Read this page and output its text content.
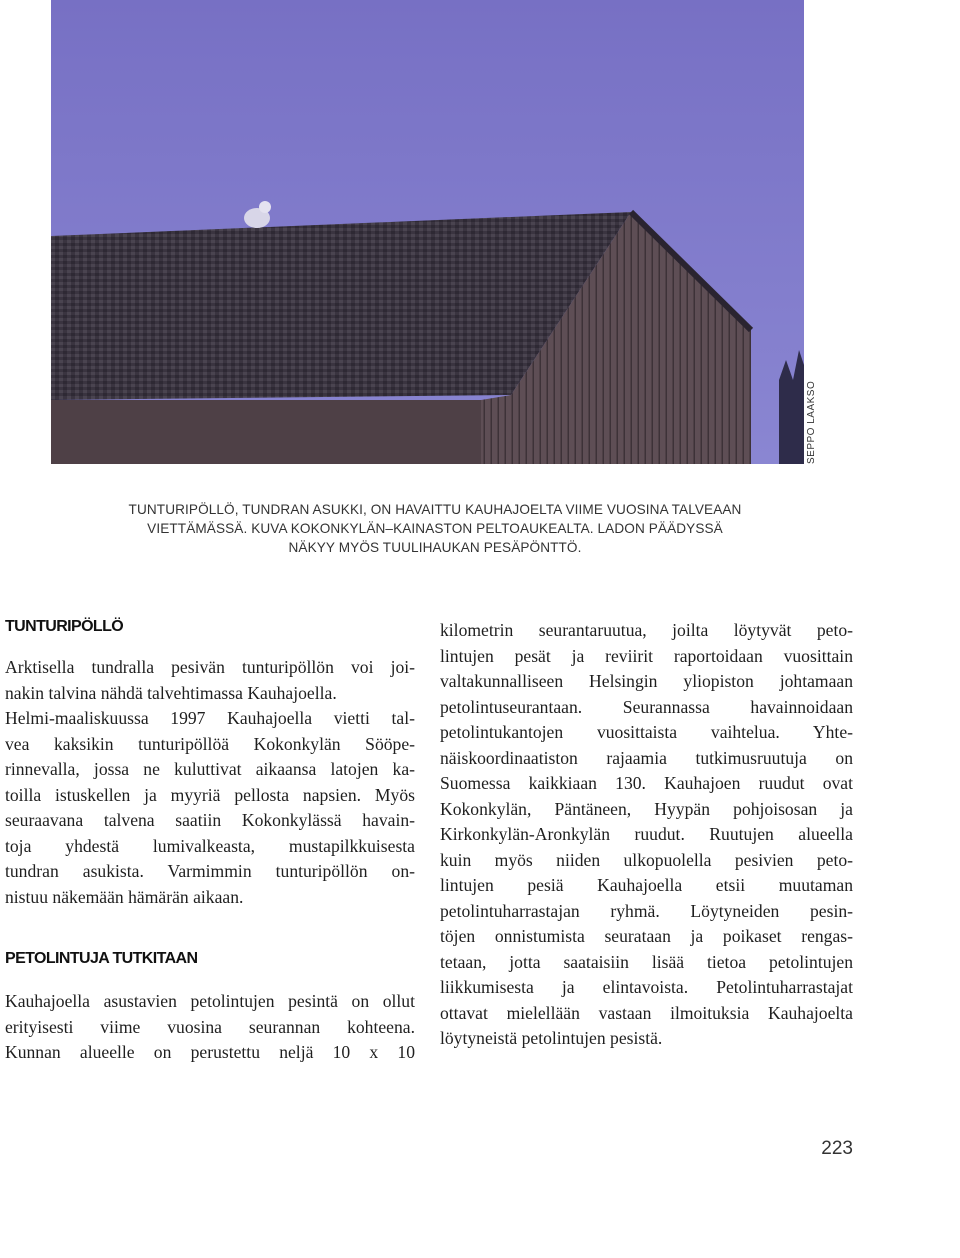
SEPPO LAAKSO
TUNTURIPÖLLÖ, TUNDRAN ASUKKI, ON HAVAITTU KAUHAJOELTA VIIME VUOSINA TALVEAAN
VIETTÄMÄSSÄ. KUVA KOKONKYLÄN–KAINASTON PELTOAUKEALTA. LADON PÄÄDYSSÄ
NÄKYY MYÖS TUULIHAUKAN PESÄPÖNTTÖ.
TUNTURIPÖLLÖ
Arktisella tundralla pesivän tunturipöllön voi joi-
nakin talvina nähdä talvehtimassa Kauhajoella.
Helmi-maaliskuussa 1997 Kauhajoella vietti tal-
vea kaksikin tunturipöllöä Kokonkylän Sööpe-
rinnevalla, jossa ne kuluttivat aikaansa latojen ka-
toilla istuskellen ja myyriä pellosta napsien. Myös
seuraavana talvena saatiin Kokonkylässä havain-
toja yhdestä lumivalkeasta, mustapilkkuisesta
tundran asukista. Varmimmin tunturipöllön on-
nistuu näkemään hämärän aikaan.
PETOLINTUJA TUTKITAAN
Kauhajoella asustavien petolintujen pesintä on ollut
erityisesti viime vuosina seurannan kohteena.
Kunnan alueelle on perustettu neljä 10 x 10
kilometrin seurantaruutua, joilta löytyvät peto-
lintujen pesät ja reviirit raportoidaan vuosittain
valtakunnalliseen Helsingin yliopiston johtamaan
petolintuseurantaan. Seurannassa havainnoidaan
petolintukantojen vuosittaista vaihtelua. Yhte-
näiskoordinaatiston rajaamia tutkimusruutuja on
Suomessa kaikkiaan 130. Kauhajoen ruudut ovat
Kokonkylän, Päntäneen, Hyypän pohjoisosan ja
Kirkonkylän-Aronkylän ruudut. Ruutujen alueella
kuin myös niiden ulkopuolella pesivien peto-
lintujen pesiä Kauhajoella etsii muutaman
petolintuharrastajan ryhmä. Löytyneiden pesin-
töjen onnistumista seurataan ja poikaset rengas-
tetaan, jotta saataisiin lisää tietoa petolintujen
liikkumisesta ja elintavoista. Petolintuharrastajat
ottavat mielellään vastaan ilmoituksia Kauhajoelta
löytyneistä petolintujen pesistä.
223
